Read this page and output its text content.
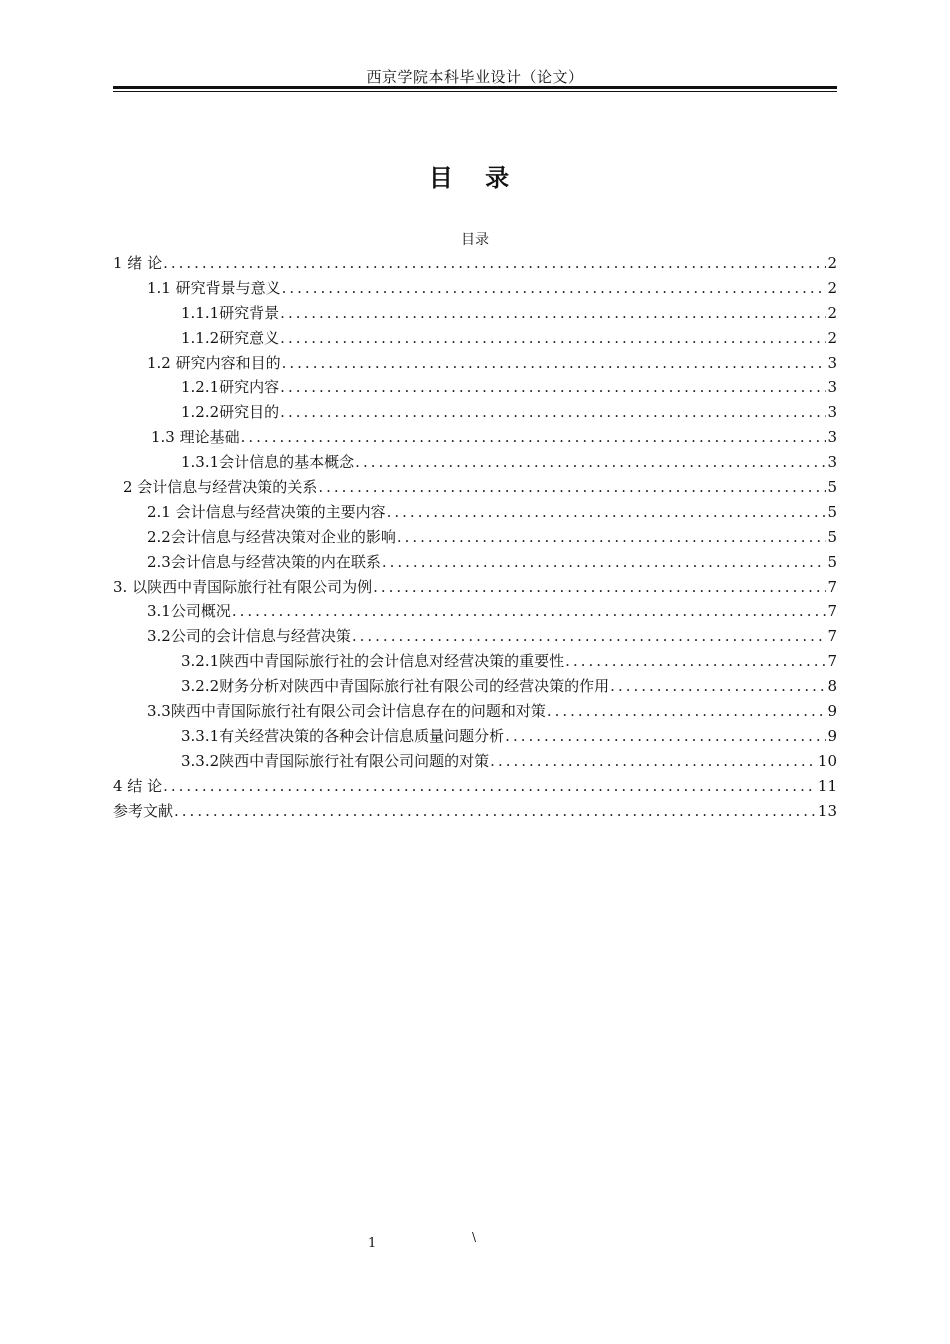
西京学院本科毕业设计（论文）
目 录
目录
1 绪 论 .....	2
1.1 研究背景与意义 .....	2
1.1.1研究背景 .....	2
1.1.2研究意义 .....	2
1.2 研究内容和目的 .....	3
1.2.1研究内容 .....	3
1.2.2研究目的 .....	3
1.3 理论基础 .....	3
1.3.1会计信息的基本概念 .....	3
2 会计信息与经营决策的关系 .....	5
2.1 会计信息与经营决策的主要内容 .....	5
2.2会计信息与经营决策对企业的影响 .....	5
2.3会计信息与经营决策的内在联系 .....	5
3. 以陕西中青国际旅行社有限公司为例 .....	7
3.1公司概况 .....	7
3.2公司的会计信息与经营决策 .....	7
3.2.1陕西中青国际旅行社的会计信息对经营决策的重要性 .....	7
3.2.2财务分析对陕西中青国际旅行社有限公司的经营决策的作用 .....	8
3.3陕西中青国际旅行社有限公司会计信息存在的问题和对策 .....	9
3.3.1有关经营决策的各种会计信息质量问题分析 .....	9
3.3.2陕西中青国际旅行社有限公司问题的对策 .....	10
4 结 论 .....	11
参考文献 .....	13
1	\
